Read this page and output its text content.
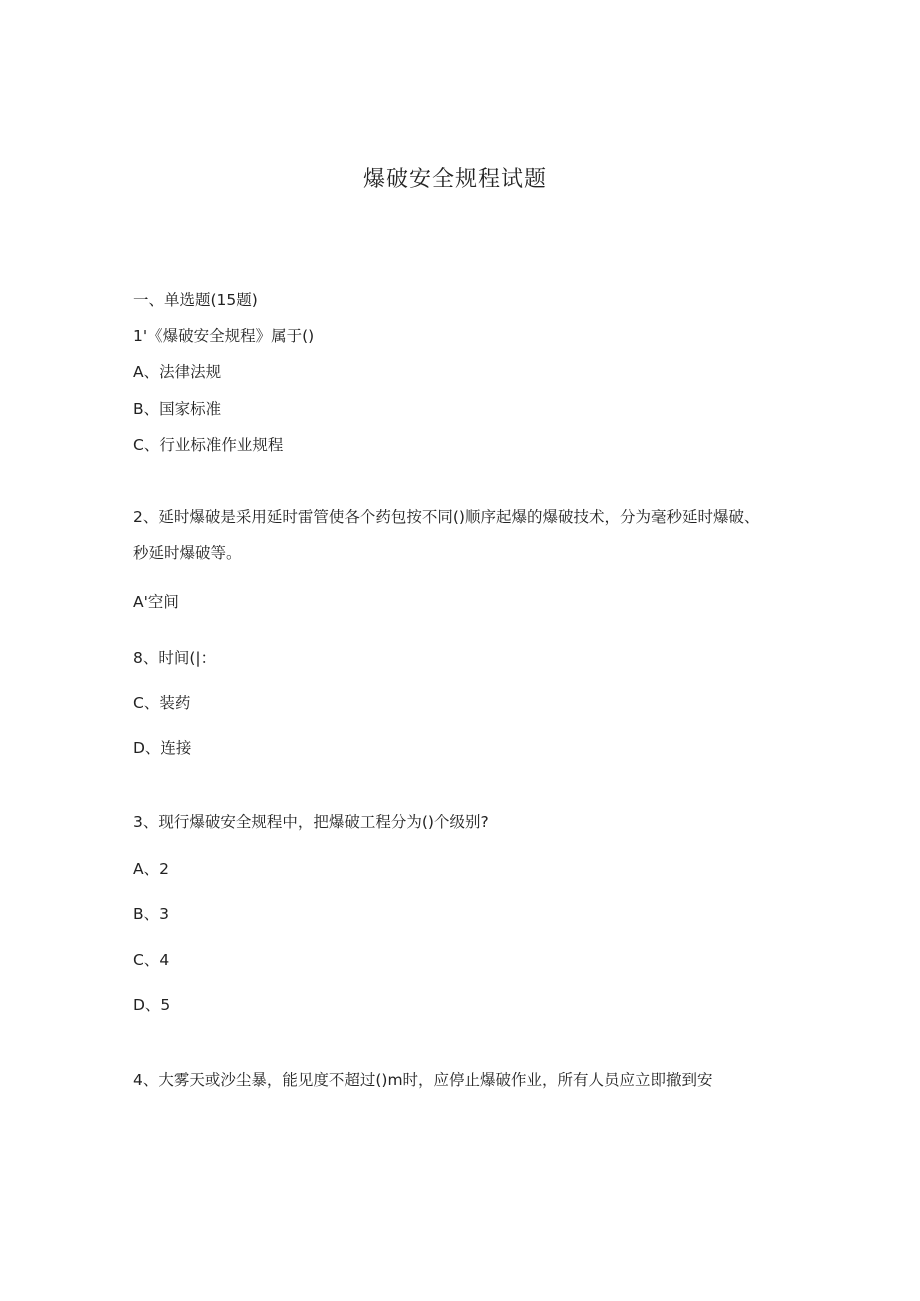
爆破安全规程试题
一、单选题(15题)
1'《爆破安全规程》属于()
A、法律法规
B、国家标准
C、行业标准作业规程
2、延时爆破是采用延时雷管使各个药包按不同()顺序起爆的爆破技术，分为毫秒延时爆破、秒延时爆破等。
A'空间
8、时间(|：
C、装药
D、连接
3、现行爆破安全规程中，把爆破工程分为()个级别?
A、2
B、3
C、4
D、5
4、大雾天或沙尘暴，能见度不超过()m时，应停止爆破作业，所有人员应立即撤到安
